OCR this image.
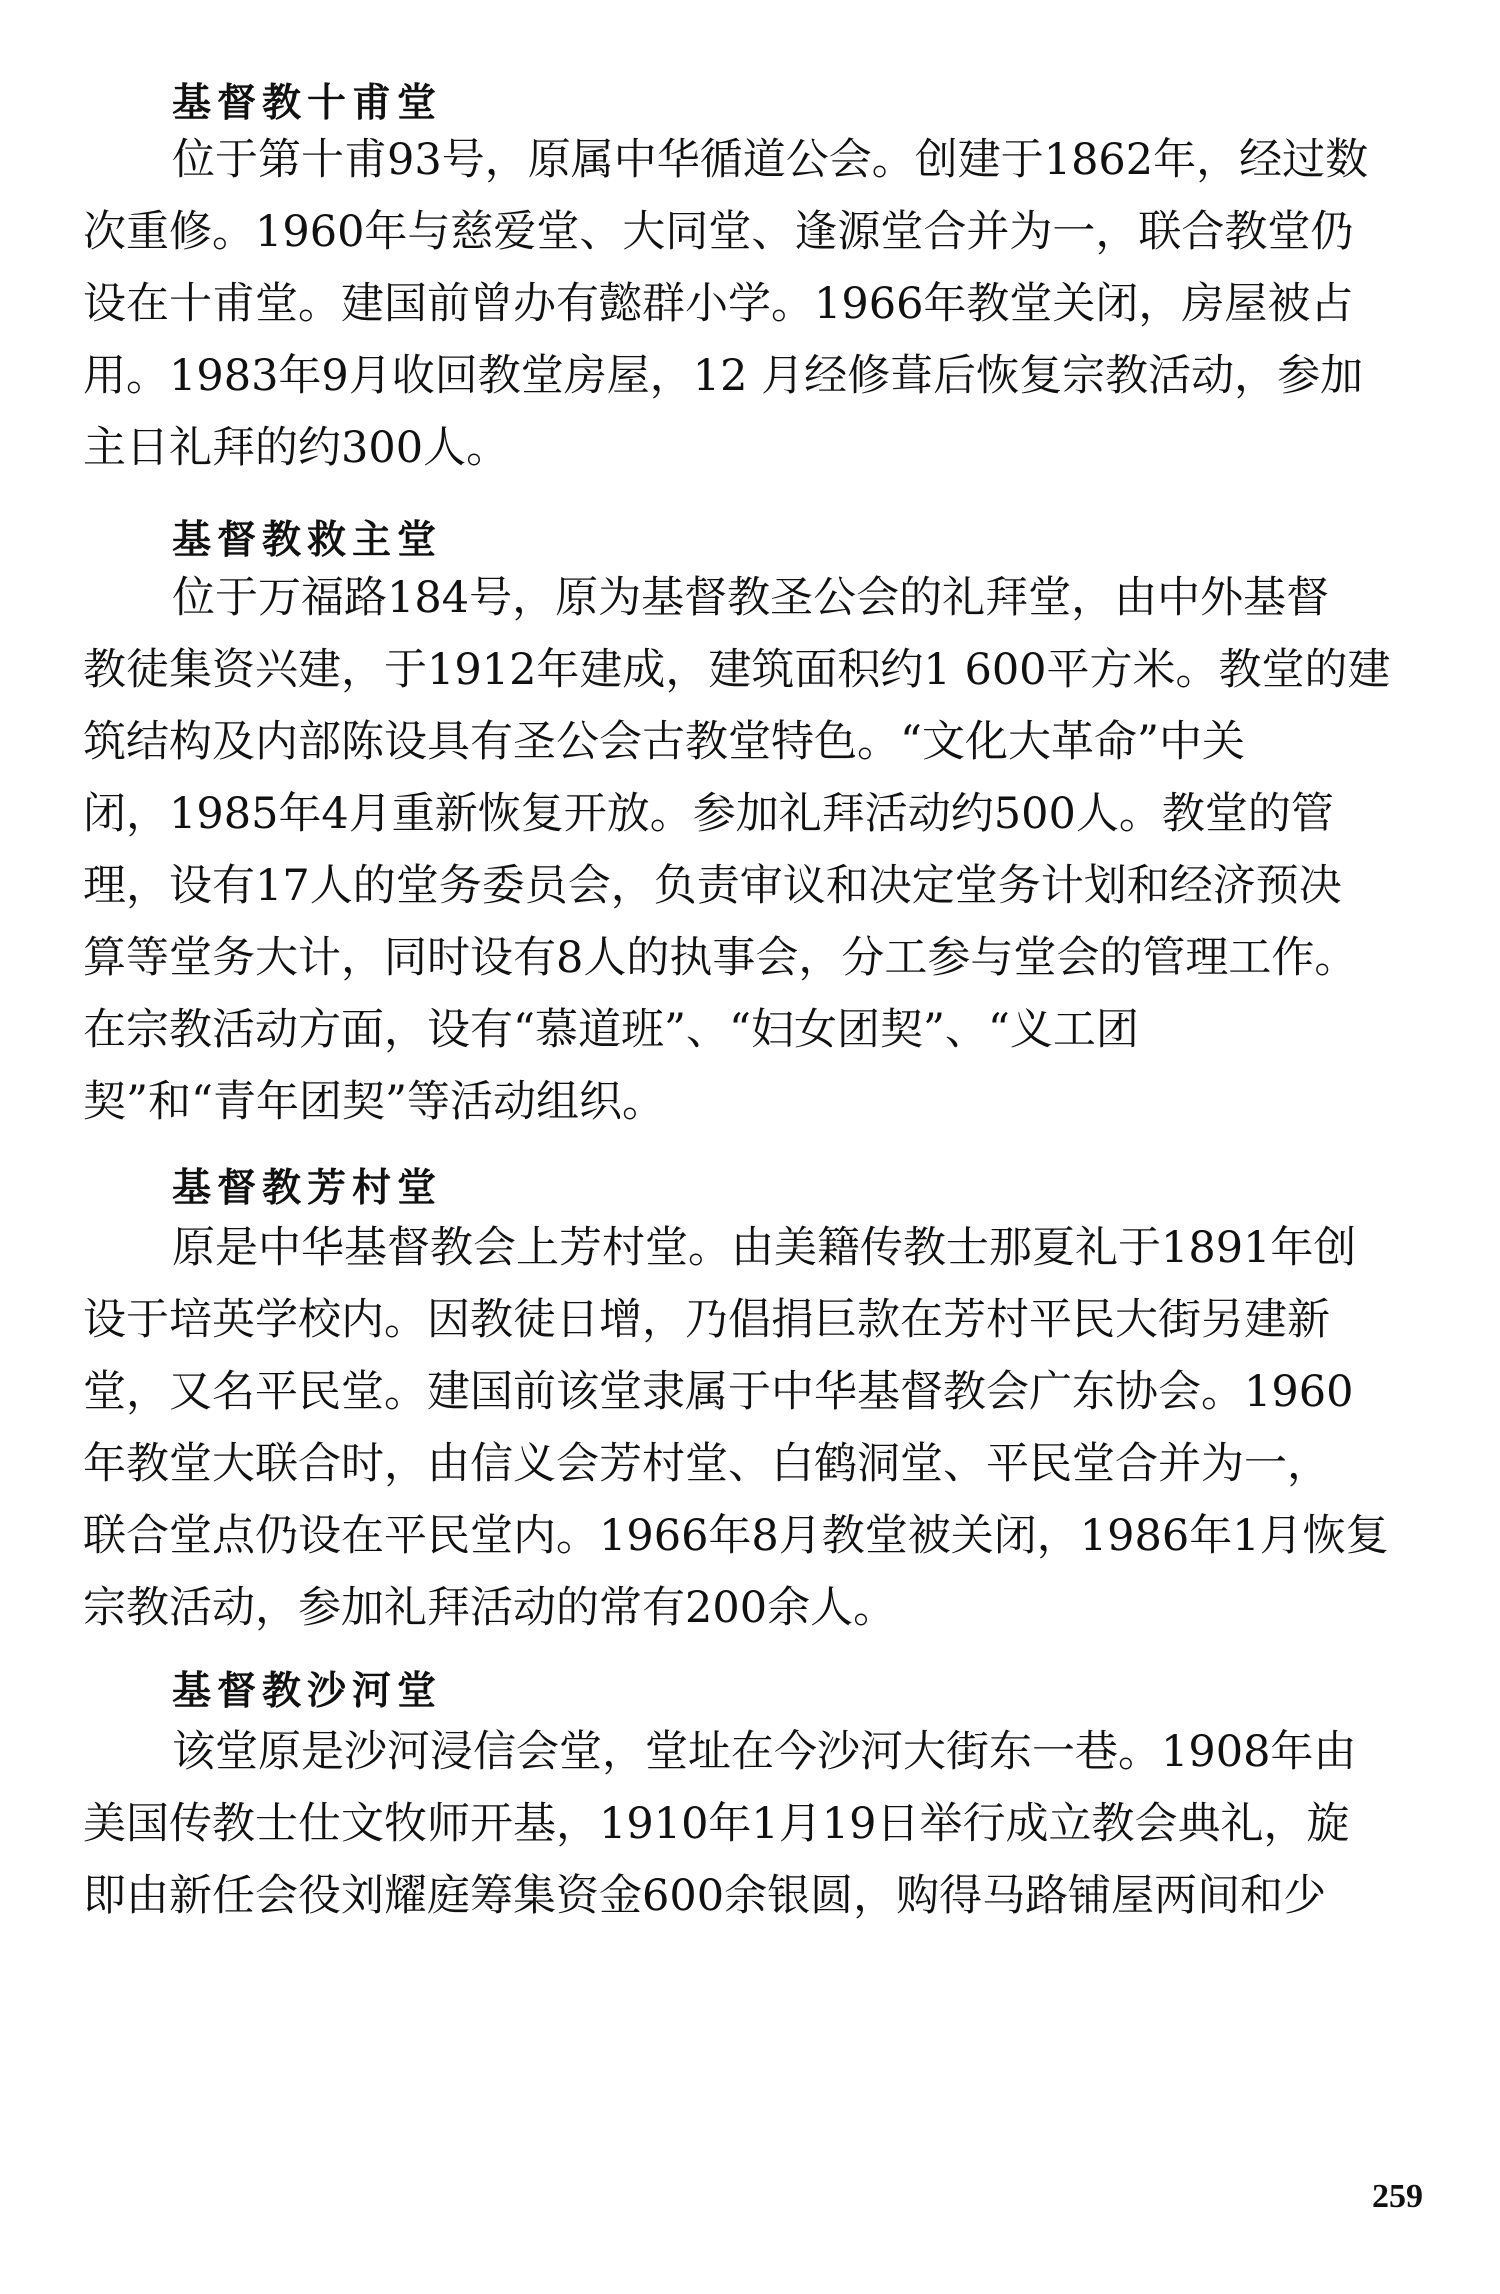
基督教十甫堂
位于第十甫93号，原属中华循道公会。创建于1862年，经过数
次重修。1960年与慈爱堂、大同堂、逢源堂合并为一，联合教堂仍
设在十甫堂。建国前曾办有懿群小学。1966年教堂关闭，房屋被占
用。1983年9月收回教堂房屋，12 月经修葺后恢复宗教活动，参加
主日礼拜的约300人。
基督教救主堂
位于万福路184号，原为基督教圣公会的礼拜堂，由中外基督
教徒集资兴建，于1912年建成，建筑面积约1 600平方米。教堂的建
筑结构及内部陈设具有圣公会古教堂特色。“文化大革命”中关
闭，1985年4月重新恢复开放。参加礼拜活动约500人。教堂的管
理，设有17人的堂务委员会，负责审议和决定堂务计划和经济预决
算等堂务大计，同时设有8人的执事会，分工参与堂会的管理工作。
在宗教活动方面，设有“慕道班”、“妇女团契”、“义工团
契”和“青年团契”等活动组织。
基督教芳村堂
原是中华基督教会上芳村堂。由美籍传教士那夏礼于1891年创
设于培英学校内。因教徒日增，乃倡捐巨款在芳村平民大街另建新
堂，又名平民堂。建国前该堂隶属于中华基督教会广东协会。1960
年教堂大联合时，由信义会芳村堂、白鹤洞堂、平民堂合并为一，
联合堂点仍设在平民堂内。1966年8月教堂被关闭，1986年1月恢复
宗教活动，参加礼拜活动的常有200余人。
基督教沙河堂
该堂原是沙河浸信会堂，堂址在今沙河大街东一巷。1908年由
美国传教士仕文牧师开基，1910年1月19日举行成立教会典礼，旋
即由新任会役刘耀庭筹集资金600余银圆，购得马路铺屋两间和少
259
